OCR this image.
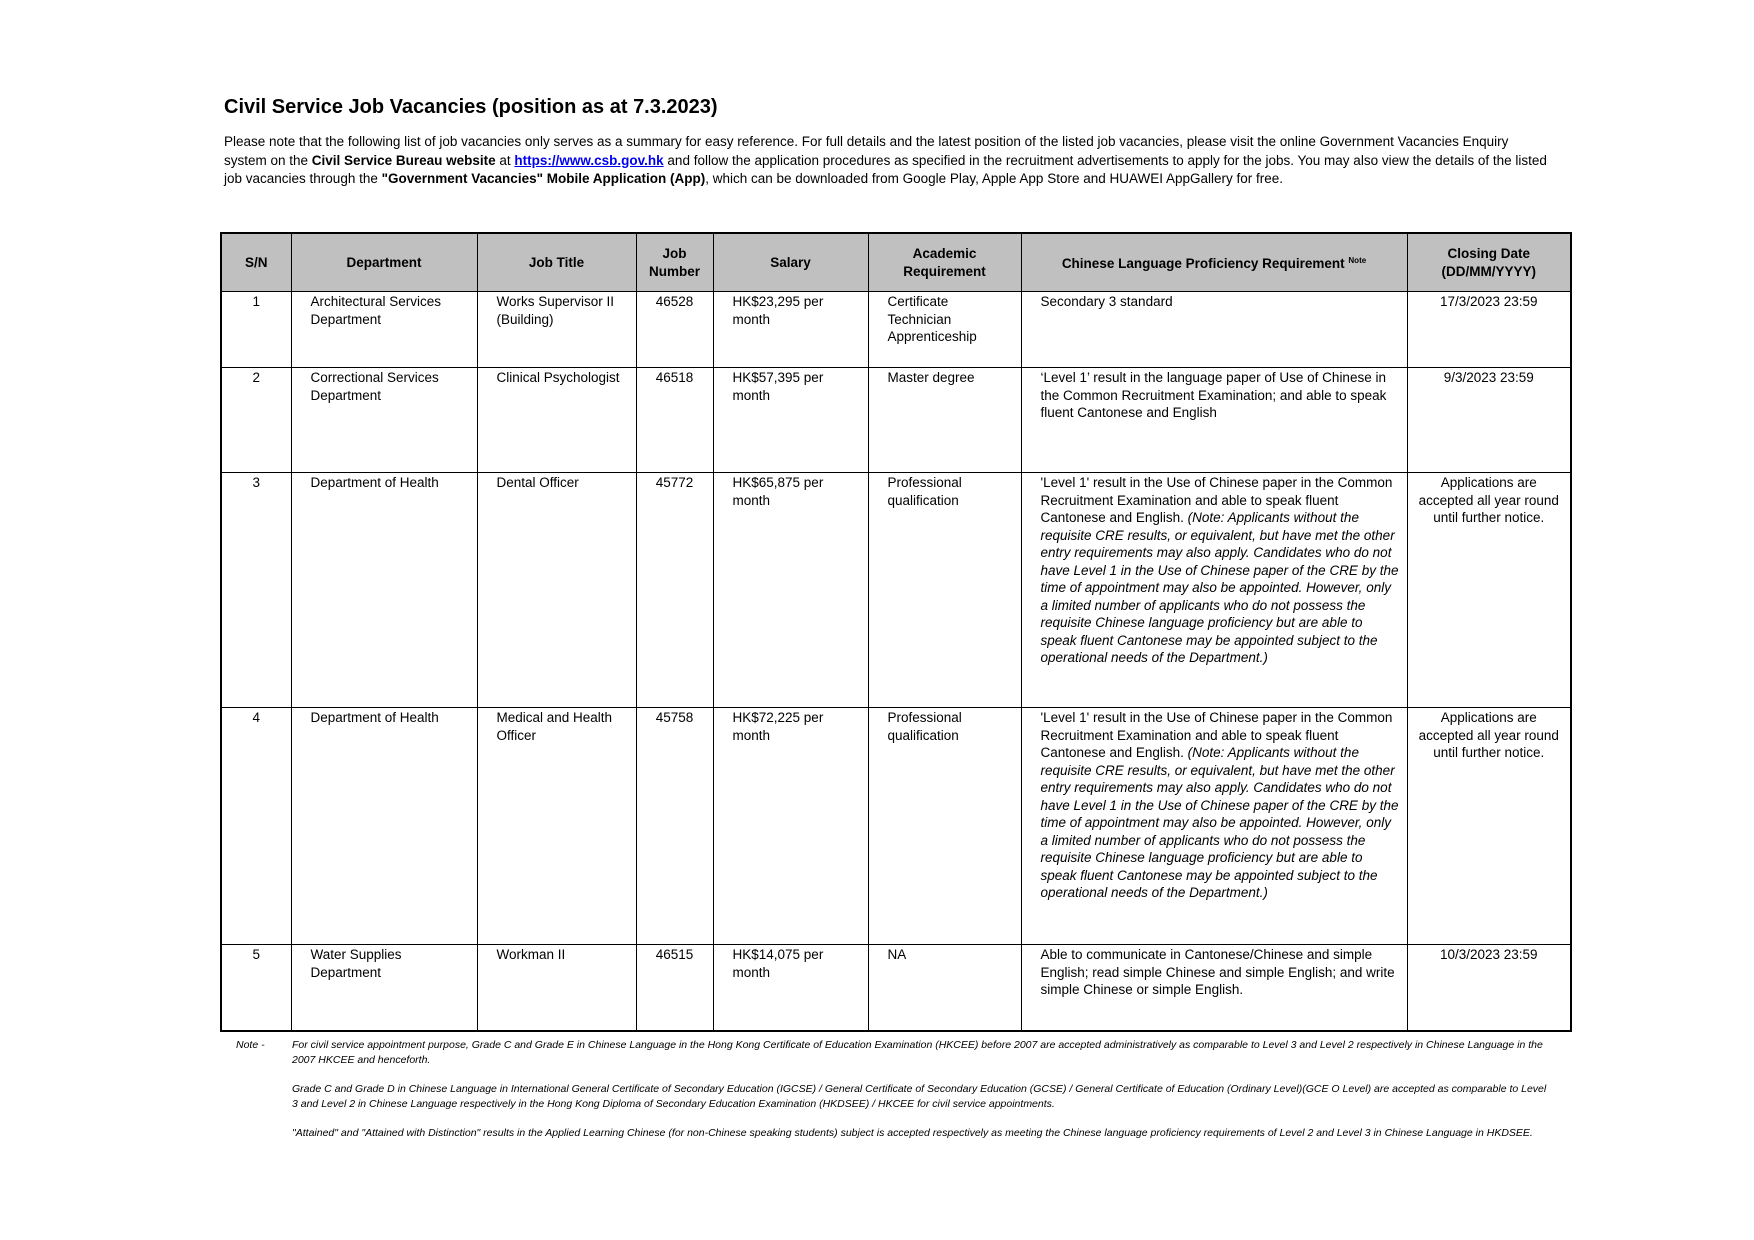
Civil Service Job Vacancies (position as at 7.3.2023)

Please note that the following list of job vacancies only serves as a summary for easy reference. For full details and the latest position of the listed job vacancies, please visit the online Government Vacancies Enquiry system on the Civil Service Bureau website at https://www.csb.gov.hk and follow the application procedures as specified in the recruitment advertisements to apply for the jobs. You may also view the details of the listed job vacancies through the "Government Vacancies" Mobile Application (App), which can be downloaded from Google Play, Apple App Store and HUAWEI AppGallery for free.

S/N	Department	Job Title	Job Number	Salary	Academic Requirement	Chinese Language Proficiency Requirement $^{Note}$	Closing Date (DD/MM/YYYY)
1	Architectural Services Department	Works Supervisor II (Building)	46528	HK$23,295 per month	Certificate Technician Apprenticeship	Secondary 3 standard	17/3/2023 23:59
2	Correctional Services Department	Clinical Psychologist	46518	HK$57,395 per month	Master degree	‘Level 1’ result in the language paper of Use of Chinese in the Common Recruitment Examination; and able to speak fluent Cantonese and English	9/3/2023 23:59
3	Department of Health	Dental Officer	45772	HK$65,875 per month	Professional qualification	'Level 1' result in the Use of Chinese paper in the Common Recruitment Examination and able to speak fluent Cantonese and English. (Note: Applicants without the requisite CRE results, or equivalent, but have met the other entry requirements may also apply. Candidates who do not have Level 1 in the Use of Chinese paper of the CRE by the time of appointment may also be appointed. However, only a limited number of applicants who do not possess the requisite Chinese language proficiency but are able to speak fluent Cantonese may be appointed subject to the operational needs of the Department.)	Applications are accepted all year round until further notice.
4	Department of Health	Medical and Health Officer	45758	HK$72,225 per month	Professional qualification	'Level 1' result in the Use of Chinese paper in the Common Recruitment Examination and able to speak fluent Cantonese and English. (Note: Applicants without the requisite CRE results, or equivalent, but have met the other entry requirements may also apply. Candidates who do not have Level 1 in the Use of Chinese paper of the CRE by the time of appointment may also be appointed. However, only a limited number of applicants who do not possess the requisite Chinese language proficiency but are able to speak fluent Cantonese may be appointed subject to the operational needs of the Department.)	Applications are accepted all year round until further notice.
5	Water Supplies Department	Workman II	46515	HK$14,075 per month	NA	Able to communicate in Cantonese/Chinese and simple English; read simple Chinese and simple English; and write simple Chinese or simple English.	10/3/2023 23:59
Note -	For civil service appointment purpose, Grade C and Grade E in Chinese Language in the Hong Kong Certificate of Education Examination (HKCEE) before 2007 are accepted administratively as comparable to Level 3 and Level 2 respectively in Chinese Language in the 2007 HKCEE and henceforth.

Grade C and Grade D in Chinese Language in International General Certificate of Secondary Education (IGCSE) / General Certificate of Secondary Education (GCSE) / General Certificate of Education (Ordinary Level)(GCE O Level) are accepted as comparable to Level 3 and Level 2 in Chinese Language respectively in the Hong Kong Diploma of Secondary Education Examination (HKDSEE) / HKCEE for civil service appointments.

"Attained" and "Attained with Distinction" results in the Applied Learning Chinese (for non-Chinese speaking students) subject is accepted respectively as meeting the Chinese language proficiency requirements of Level 2 and Level 3 in Chinese Language in HKDSEE.
